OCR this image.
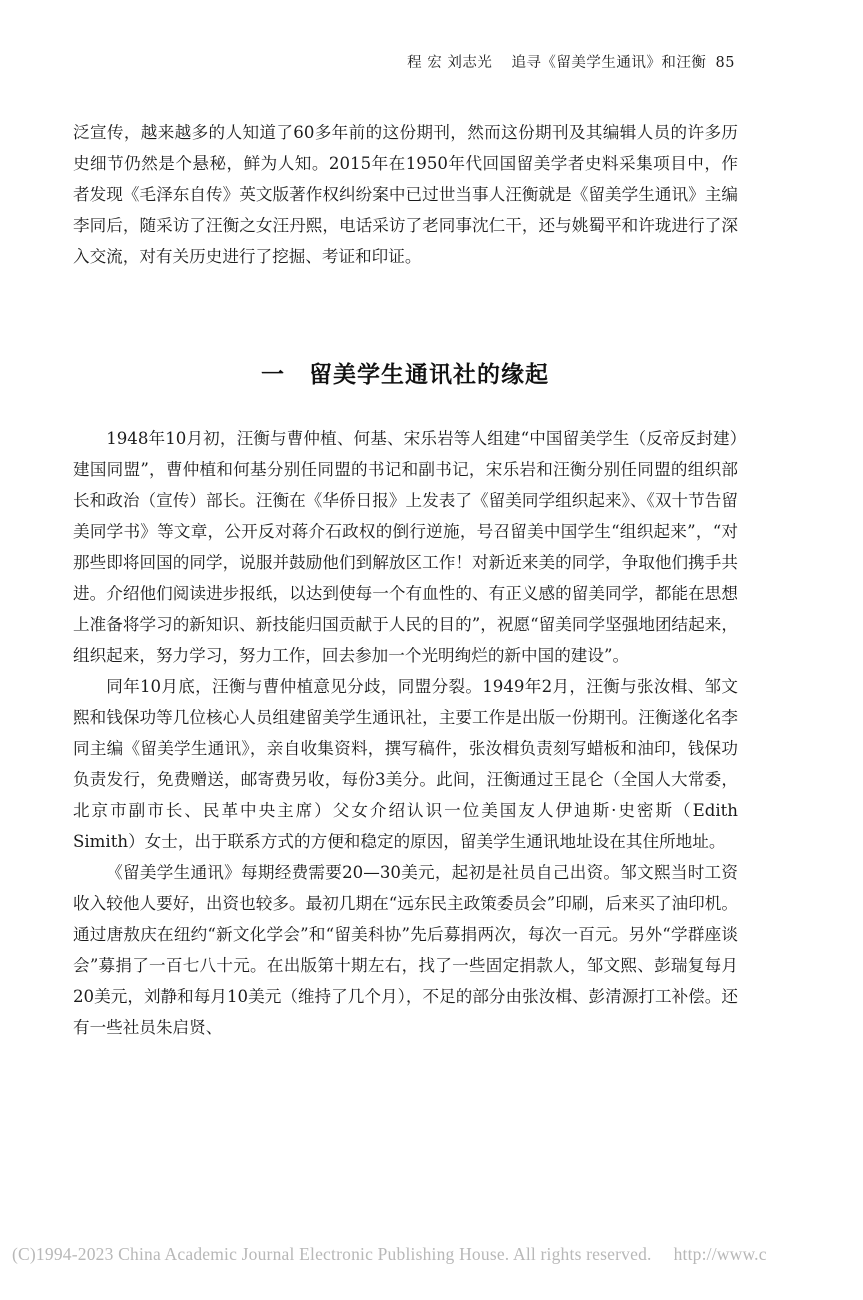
程 宏 刘志光 追寻《留美学生通讯》和汪衡 85

泛宣传，越来越多的人知道了60多年前的这份期刊，然而这份期刊及其编辑人员的许多历史细节仍然是个悬秘，鲜为人知。2015年在1950年代回国留美学者史料采集项目中，作者发现《毛泽东自传》英文版著作权纠纷案中已过世当事人汪衡就是《留美学生通讯》主编李同后，随采访了汪衡之女汪丹熙，电话采访了老同事沈仁干，还与姚蜀平和许珑进行了深入交流，对有关历史进行了挖掘、考证和印证。

一 留美学生通讯社的缘起

1948年10月初，汪衡与曹仲植、何基、宋乐岩等人组建“中国留美学生（反帝反封建）建国同盟”，曹仲植和何基分别任同盟的书记和副书记，宋乐岩和汪衡分别任同盟的组织部长和政治（宣传）部长。汪衡在《华侨日报》上发表了《留美同学组织起来》、《双十节告留美同学书》等文章，公开反对蒋介石政权的倒行逆施，号召留美中国学生“组织起来”，“对那些即将回国的同学，说服并鼓励他们到解放区工作！对新近来美的同学，争取他们携手共进。介绍他们阅读进步报纸，以达到使每一个有血性的、有正义感的留美同学，都能在思想上准备将学习的新知识、新技能归国贡献于人民的目的”，祝愿“留美同学坚强地团结起来，组织起来，努力学习，努力工作，回去参加一个光明绚烂的新中国的建设”。

同年10月底，汪衡与曹仲植意见分歧，同盟分裂。1949年2月，汪衡与张汝楫、邹文熙和钱保功等几位核心人员组建留美学生通讯社，主要工作是出版一份期刊。汪衡遂化名李同主编《留美学生通讯》，亲自收集资料，撰写稿件，张汝楫负责刻写蜡板和油印，钱保功负责发行，免费赠送，邮寄费另收，每份3美分。此间，汪衡通过王昆仑（全国人大常委，北京市副市长、民革中央主席）父女介绍认识一位美国友人伊迪斯·史密斯（Edith Simith）女士，出于联系方式的方便和稳定的原因，留美学生通讯地址设在其住所地址。

《留美学生通讯》每期经费需要20—30美元，起初是社员自己出资。邹文熙当时工资收入较他人要好，出资也较多。最初几期在“远东民主政策委员会”印刷，后来买了油印机。通过唐敖庆在纽约“新文化学会”和“留美科协”先后募捐两次，每次一百元。另外“学群座谈会”募捐了一百七八十元。在出版第十期左右，找了一些固定捐款人，邹文熙、彭瑞复每月20美元，刘静和每月10美元（维持了几个月），不足的部分由张汝楫、彭清源打工补偿。还有一些社员朱启贤、

(C)1994-2023 China Academic Journal Electronic Publishing House. All rights reserved. http://www.c
